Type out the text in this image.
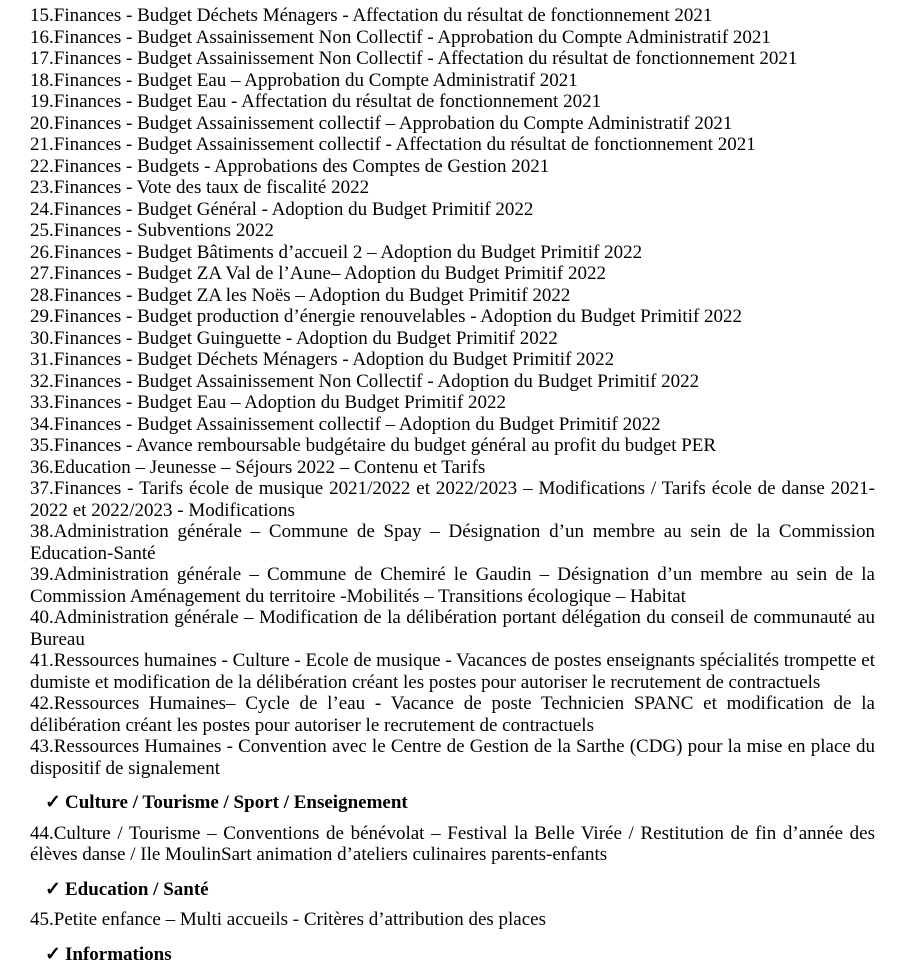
15.Finances - Budget Déchets Ménagers - Affectation du résultat de fonctionnement 2021

16.Finances - Budget Assainissement Non Collectif - Approbation du Compte Administratif 2021

17.Finances - Budget Assainissement Non Collectif - Affectation du résultat de fonctionnement 2021

18.Finances - Budget Eau – Approbation du Compte Administratif 2021

19.Finances - Budget Eau - Affectation du résultat de fonctionnement 2021

20.Finances - Budget Assainissement collectif – Approbation du Compte Administratif 2021

21.Finances - Budget Assainissement collectif - Affectation du résultat de fonctionnement 2021

22.Finances - Budgets - Approbations des Comptes de Gestion 2021

23.Finances - Vote des taux de fiscalité 2022

24.Finances - Budget Général - Adoption du Budget Primitif 2022

25.Finances - Subventions 2022

26.Finances - Budget Bâtiments d’accueil 2 – Adoption du Budget Primitif 2022

27.Finances - Budget ZA Val de l’Aune– Adoption du Budget Primitif 2022

28.Finances - Budget ZA les Noës – Adoption du Budget Primitif 2022

29.Finances - Budget production d’énergie renouvelables - Adoption du Budget Primitif 2022

30.Finances - Budget Guinguette - Adoption du Budget Primitif 2022

31.Finances - Budget Déchets Ménagers - Adoption du Budget Primitif 2022

32.Finances - Budget Assainissement Non Collectif - Adoption du Budget Primitif 2022

33.Finances - Budget Eau – Adoption du Budget Primitif 2022

34.Finances - Budget Assainissement collectif – Adoption du Budget Primitif 2022

35.Finances - Avance remboursable budgétaire du budget général au profit du budget PER

36.Education – Jeunesse – Séjours 2022 – Contenu et Tarifs

37.Finances - Tarifs école de musique 2021/2022 et 2022/2023 – Modifications / Tarifs école de danse 2021-2022 et 2022/2023 - Modifications

38.Administration générale – Commune de Spay – Désignation d’un membre au sein de la Commission Education-Santé

39.Administration générale – Commune de Chemiré le Gaudin – Désignation d’un membre au sein de la Commission Aménagement du territoire -Mobilités – Transitions écologique – Habitat

40.Administration générale – Modification de la délibération portant délégation du conseil de communauté au Bureau

41.Ressources humaines - Culture - Ecole de musique - Vacances de postes enseignants spécialités trompette et dumiste et modification de la délibération créant les postes pour autoriser le recrutement de contractuels

42.Ressources Humaines– Cycle de l’eau - Vacance de poste Technicien SPANC et modification de la délibération créant les postes pour autoriser le recrutement de contractuels

43.Ressources Humaines - Convention avec le Centre de Gestion de la Sarthe (CDG) pour la mise en place du dispositif de signalement

✓ Culture / Tourisme / Sport / Enseignement

44.Culture / Tourisme – Conventions de bénévolat – Festival la Belle Virée / Restitution de fin d’année des élèves danse / Ile MoulinSart animation d’ateliers culinaires parents-enfants

✓ Education / Santé

45.Petite enfance – Multi accueils - Critères d’attribution des places

✓ Informations
